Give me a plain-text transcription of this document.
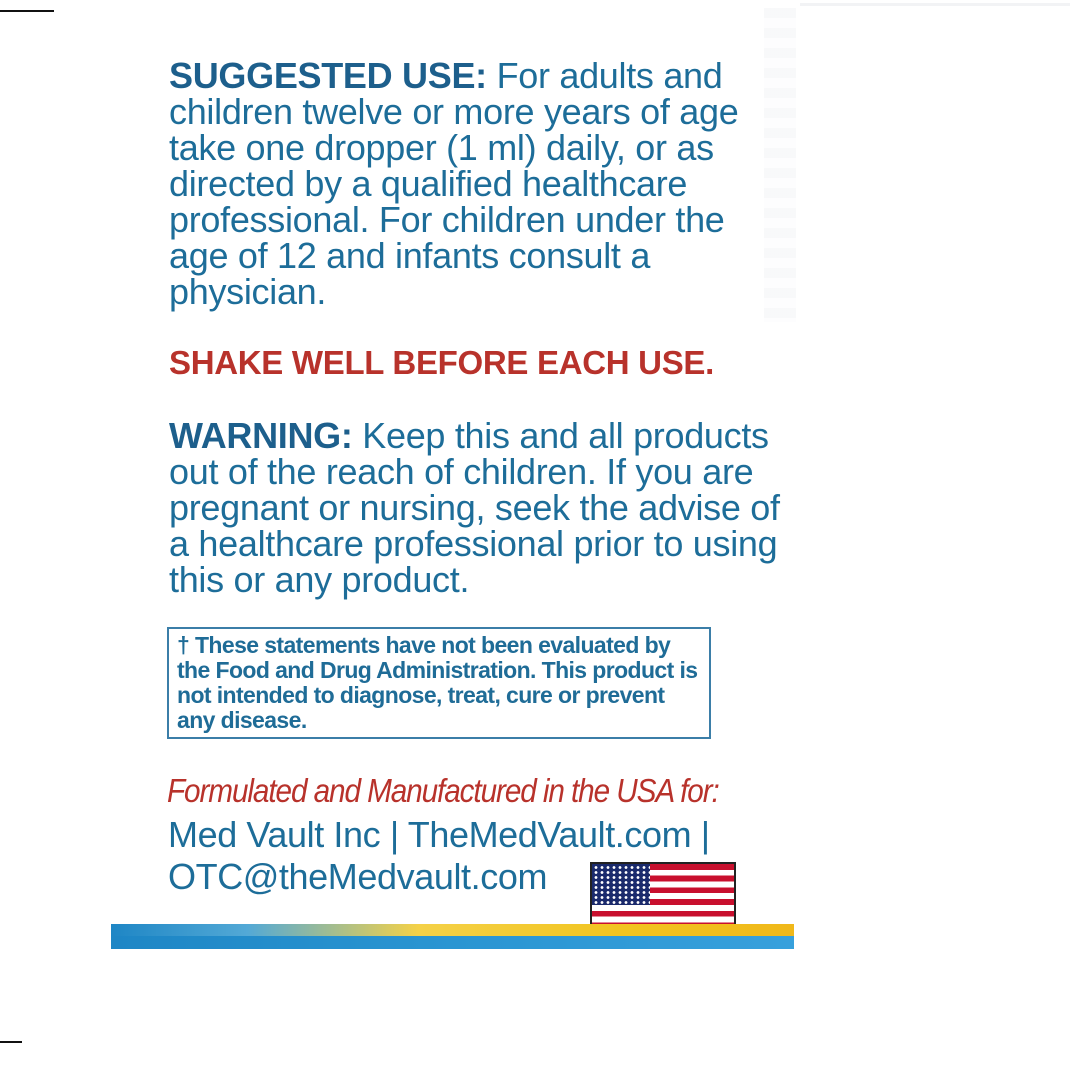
SUGGESTED USE: For adults and children twelve or more years of age take one dropper (1 ml) daily, or as directed by a qualified healthcare professional. For children under the age of 12 and infants consult a physician.

SHAKE WELL BEFORE EACH USE.

WARNING: Keep this and all products out of the reach of children. If you are pregnant or nursing, seek the advise of a healthcare professional prior to using this or any product.

† These statements have not been evaluated by the Food and Drug Administration. This product is not intended to diagnose, treat, cure or prevent any disease.
Formulated and Manufactured in the USA for:
Med Vault Inc | TheMedVault.com | OTC@theMedvault.com
